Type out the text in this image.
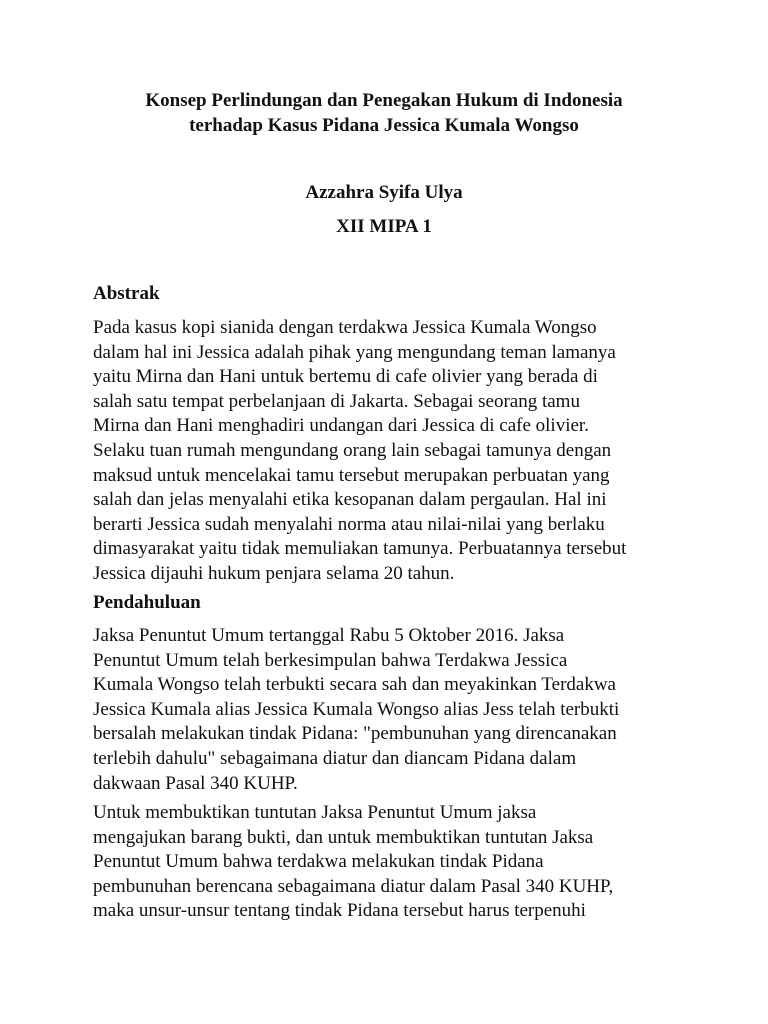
Konsep Perlindungan dan Penegakan Hukum di Indonesia
terhadap Kasus Pidana Jessica Kumala Wongso
Azzahra Syifa Ulya
XII MIPA 1
Abstrak
Pada kasus kopi sianida dengan terdakwa Jessica Kumala Wongso
dalam hal ini Jessica adalah pihak yang mengundang teman lamanya
yaitu Mirna dan Hani untuk bertemu di cafe olivier yang berada di
salah satu tempat perbelanjaan di Jakarta. Sebagai seorang tamu
Mirna dan Hani menghadiri undangan dari Jessica di cafe olivier.
Selaku tuan rumah mengundang orang lain sebagai tamunya dengan
maksud untuk mencelakai tamu tersebut merupakan perbuatan yang
salah dan jelas menyalahi etika kesopanan dalam pergaulan. Hal ini
berarti Jessica sudah menyalahi norma atau nilai-nilai yang berlaku
dimasyarakat yaitu tidak memuliakan tamunya. Perbuatannya tersebut
Jessica dijauhi hukum penjara selama 20 tahun.
Pendahuluan
Jaksa Penuntut Umum tertanggal Rabu 5 Oktober 2016. Jaksa
Penuntut Umum telah berkesimpulan bahwa Terdakwa Jessica
Kumala Wongso telah terbukti secara sah dan meyakinkan Terdakwa
Jessica Kumala alias Jessica Kumala Wongso alias Jess telah terbukti
bersalah melakukan tindak Pidana: "pembunuhan yang direncanakan
terlebih dahulu" sebagaimana diatur dan diancam Pidana dalam
dakwaan Pasal 340 KUHP.
Untuk membuktikan tuntutan Jaksa Penuntut Umum jaksa
mengajukan barang bukti, dan untuk membuktikan tuntutan Jaksa
Penuntut Umum bahwa terdakwa melakukan tindak Pidana
pembunuhan berencana sebagaimana diatur dalam Pasal 340 KUHP,
maka unsur-unsur tentang tindak Pidana tersebut harus terpenuhi
